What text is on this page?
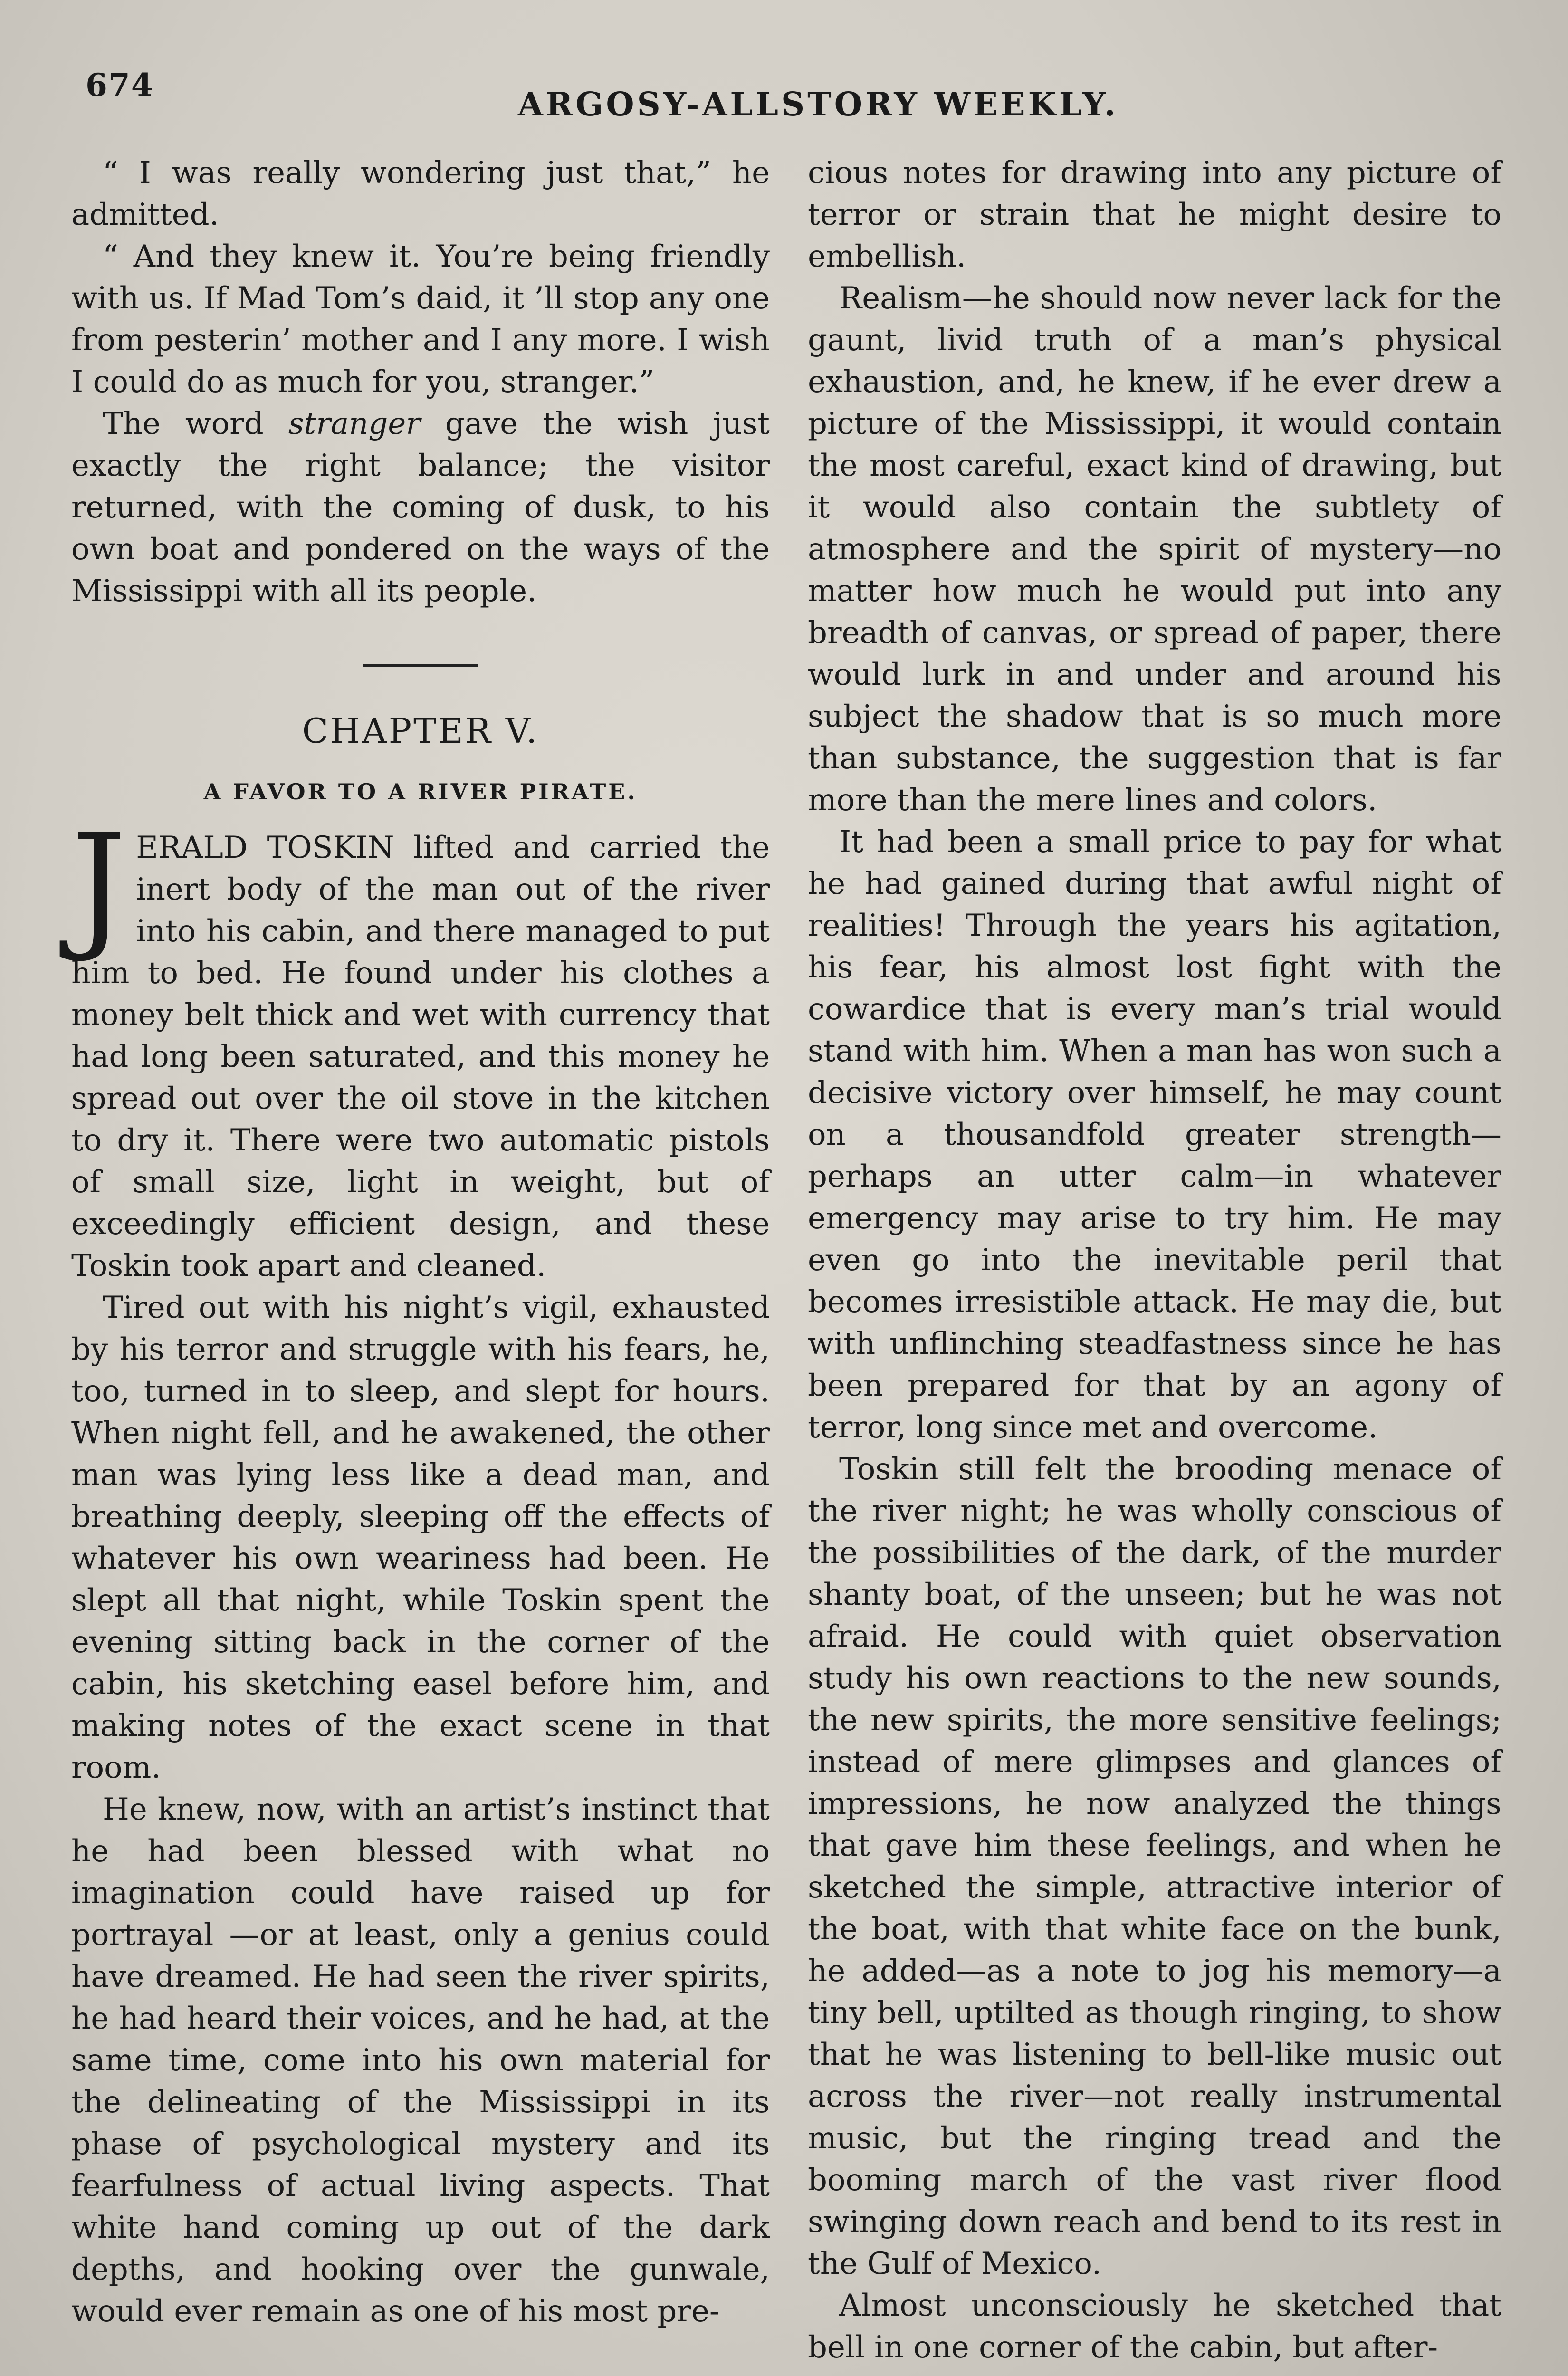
674
ARGOSY-ALLSTORY WEEKLY.

“ I was really wondering just that,” he admitted.

“ And they knew it. You’re being friendly with us. If Mad Tom’s daid, it ’ll stop any one from pesterin’ mother and I any more. I wish I could do as much for you, stranger.”

The word stranger gave the wish just exactly the right balance; the visitor returned, with the coming of dusk, to his own boat and pondered on the ways of the Mississippi with all its people.

CHAPTER V.
A FAVOR TO A RIVER PIRATE.

JERALD TOSKIN lifted and carried the inert body of the man out of the river into his cabin, and there managed to put him to bed. He found under his clothes a money belt thick and wet with currency that had long been saturated, and this money he spread out over the oil stove in the kitchen to dry it. There were two automatic pistols of small size, light in weight, but of exceedingly efficient design, and these Toskin took apart and cleaned.

Tired out with his night’s vigil, exhausted by his terror and struggle with his fears, he, too, turned in to sleep, and slept for hours. When night fell, and he awakened, the other man was lying less like a dead man, and breathing deeply, sleeping off the effects of whatever his own weariness had been. He slept all that night, while Toskin spent the evening sitting back in the corner of the cabin, his sketching easel before him, and making notes of the exact scene in that room.

He knew, now, with an artist’s instinct that he had been blessed with what no imagination could have raised up for portrayal —or at least, only a genius could have dreamed. He had seen the river spirits, he had heard their voices, and he had, at the same time, come into his own material for the delineating of the Mississippi in its phase of psychological mystery and its fearfulness of actual living aspects. That white hand coming up out of the dark depths, and hooking over the gunwale, would ever remain as one of his most pre-

cious notes for drawing into any picture of terror or strain that he might desire to embellish.

Realism—he should now never lack for the gaunt, livid truth of a man’s physical exhaustion, and, he knew, if he ever drew a picture of the Mississippi, it would contain the most careful, exact kind of drawing, but it would also contain the subtlety of atmosphere and the spirit of mystery—no matter how much he would put into any breadth of canvas, or spread of paper, there would lurk in and under and around his subject the shadow that is so much more than substance, the suggestion that is far more than the mere lines and colors.

It had been a small price to pay for what he had gained during that awful night of realities! Through the years his agitation, his fear, his almost lost fight with the cowardice that is every man’s trial would stand with him. When a man has won such a decisive victory over himself, he may count on a thousandfold greater strength—perhaps an utter calm—in whatever emergency may arise to try him. He may even go into the inevitable peril that becomes irresistible attack. He may die, but with unflinching steadfastness since he has been prepared for that by an agony of terror, long since met and overcome.

Toskin still felt the brooding menace of the river night; he was wholly conscious of the possibilities of the dark, of the murder shanty boat, of the unseen; but he was not afraid. He could with quiet observation study his own reactions to the new sounds, the new spirits, the more sensitive feelings; instead of mere glimpses and glances of impressions, he now analyzed the things that gave him these feelings, and when he sketched the simple, attractive interior of the boat, with that white face on the bunk, he added—as a note to jog his memory—a tiny bell, uptilted as though ringing, to show that he was listening to bell-like music out across the river—not really instrumental music, but the ringing tread and the booming march of the vast river flood swinging down reach and bend to its rest in the Gulf of Mexico.

Almost unconsciously he sketched that bell in one corner of the cabin, but after-
